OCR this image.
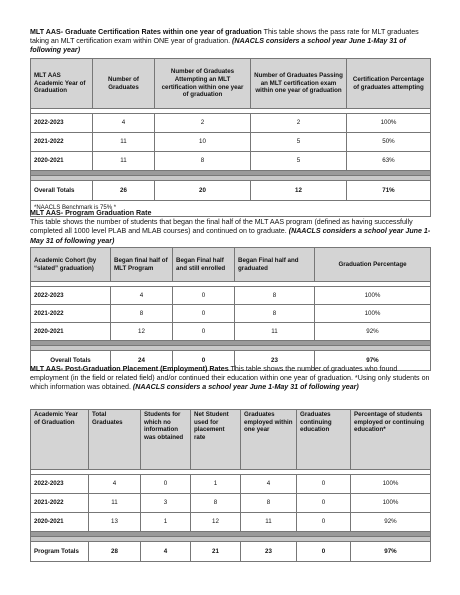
MLT AAS- Graduate Certification Rates within one year of graduation This table shows the pass rate for MLT graduates taking an MLT certification exam within ONE year of graduation. (NAACLS considers a school year June 1-May 31 of following year)

MLT AAS Academic Year of Graduation	Number of Graduates	Number of Graduates Attempting an MLT certification within one year of graduation	Number of Graduates Passing an MLT certification exam within one year of graduation	Certification Percentage of graduates attempting

2022-2023	4	2	2	100%
2021-2022	11	10	5	50%
2020-2021	11	8	5	63%

Overall Totals	26	20	12	71%
*NAACLS Benchmark is 75% *				

MLT AAS- Program Graduation Rate
This table shows the number of students that began the final half of the MLT AAS program (defined as having successfully completed all 1000 level PLAB and MLAB courses) and continued on to graduate. (NAACLS considers a school year June 1-May 31 of following year)

Academic Cohort (by “slated” graduation)	Began final half of MLT Program	Began Final half and still enrolled	Began Final half and graduated	Graduation Percentage

2022-2023	4	0	8	100%
2021-2022	8	0	8	100%
2020-2021	12	0	11	92%

Overall Totals	24	0	23	97%

MLT AAS- Post-Graduation Placement (Employment) Rates This table shows the number of graduates who found employment (in the field or related field) and/or continued their education within one year of graduation. *Using only students on which information was obtained. (NAACLS considers a school year June 1-May 31 of following year)

Academic Year of Graduation	Total Graduates	Students for which no information was obtained	Net Student used for placement rate	Graduates employed within one year	Graduates continuing education	Percentage of students employed or continuing education*

2022-2023	4	0	1	4	0	100%
2021-2022	11	3	8	8	0	100%
2020-2021	13	1	12	11	0	92%

Program Totals	28	4	21	23	0	97%
